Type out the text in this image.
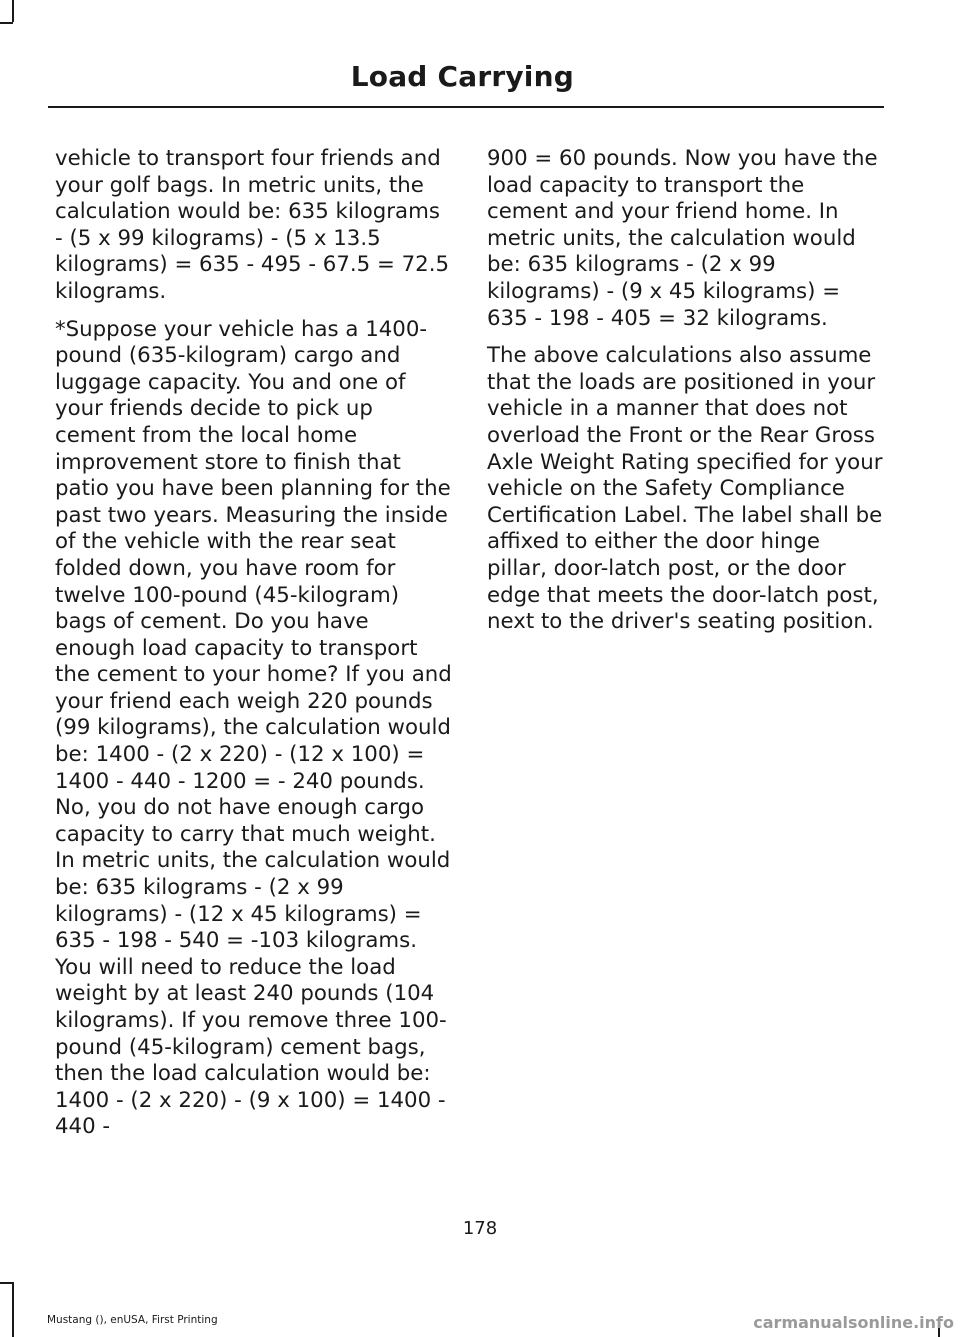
Load Carrying

vehicle to transport four friends and your golf bags. In metric units, the calculation would be: 635 kilograms - (5 x 99 kilograms) - (5 x 13.5 kilograms) = 635 - 495 - 67.5 = 72.5 kilograms.

*Suppose your vehicle has a 1400-pound (635-kilogram) cargo and luggage capacity. You and one of your friends decide to pick up cement from the local home improvement store to finish that patio you have been planning for the past two years. Measuring the inside of the vehicle with the rear seat folded down, you have room for twelve 100-pound (45-kilogram) bags of cement. Do you have enough load capacity to transport the cement to your home? If you and your friend each weigh 220 pounds (99 kilograms), the calculation would be: 1400 - (2 x 220) - (12 x 100) = 1400 - 440 - 1200 = - 240 pounds. No, you do not have enough cargo capacity to carry that much weight. In metric units, the calculation would be: 635 kilograms - (2 x 99 kilograms) - (12 x 45 kilograms) = 635 - 198 - 540 = -103 kilograms. You will need to reduce the load weight by at least 240 pounds (104 kilograms). If you remove three 100-pound (45-kilogram) cement bags, then the load calculation would be: 1400 - (2 x 220) - (9 x 100) = 1400 - 440 -

900 = 60 pounds. Now you have the load capacity to transport the cement and your friend home. In metric units, the calculation would be: 635 kilograms - (2 x 99 kilograms) - (9 x 45 kilograms) = 635 - 198 - 405 = 32 kilograms.

The above calculations also assume that the loads are positioned in your vehicle in a manner that does not overload the Front or the Rear Gross Axle Weight Rating specified for your vehicle on the Safety Compliance Certification Label. The label shall be affixed to either the door hinge pillar, door-latch post, or the door edge that meets the door-latch post, next to the driver's seating position.

178
Mustang (), enUSA, First Printing	carmanualsonline.info
